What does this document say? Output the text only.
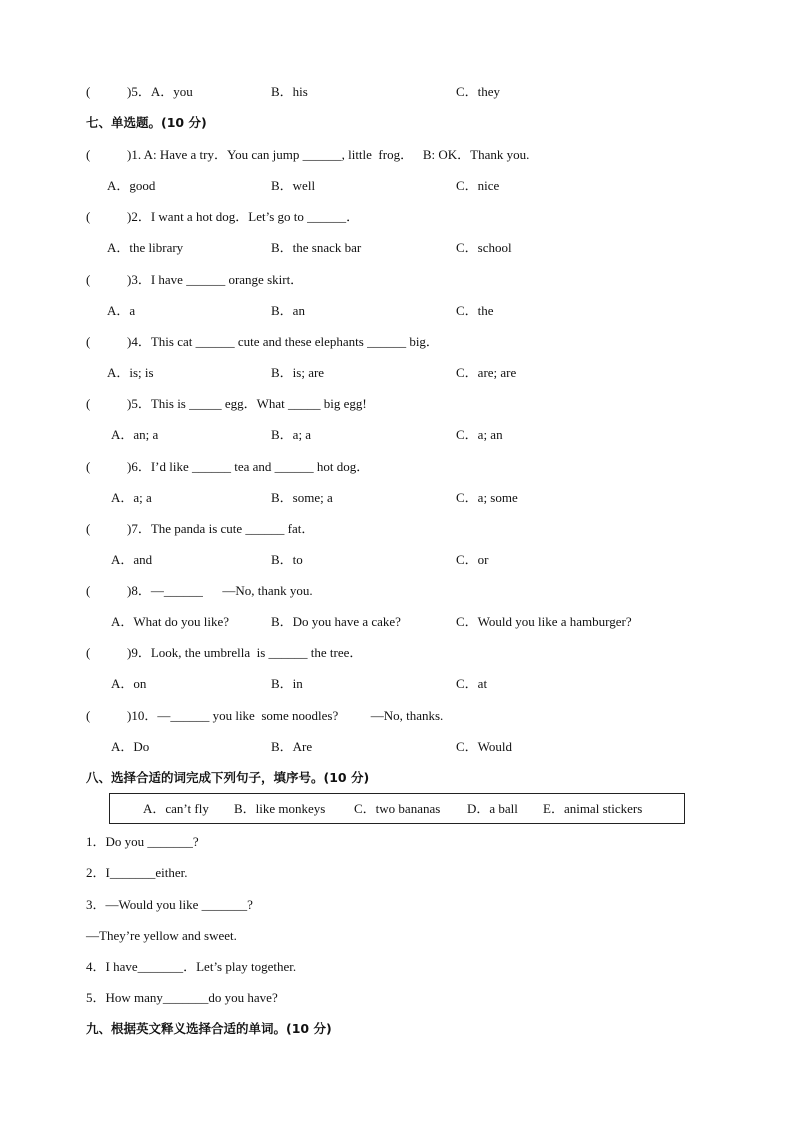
(	)5．A．you	B．his	C．they
七、单选题。(10 分)
(	)1. A: Have a try．You can jump ______, little  frog．   B: OK．Thank you.
A．good	B．well	C．nice
(	)2．I want a hot dog．Let’s go to ______．
A．the library	B．the snack bar	C．school
(	)3．I have ______ orange skirt．
A．a	B．an	C．the
(	)4．This cat ______ cute and these elephants ______ big．
A．is; is	B．is; are	C．are; are
(	)5．This is _____ egg．What _____ big egg!
A．an; a	B．a; a	C．a; an
(	)6．I’d like ______ tea and ______ hot dog．
A．a; a	B．some; a	C．a; some
(	)7．The panda is cute ______ fat．
A．and	B．to	C．or
(	)8．—______      —No, thank you.
A．What do you like?	B．Do you have a cake?	C．Would you like a hamburger?
(	)9．Look, the umbrella  is ______ the tree．
A．on	B．in	C．at
(	)10．—______ you like  some noodles?          —No, thanks.
A．Do	B．Are	C．Would
八、选择合适的词完成下列句子，填序号。(10 分)
A．can’t fly B．like monkeys C．two bananas D．a ball E．animal stickers
1．Do you _______?
2．I_______either.
3．—Would you like _______?
—They’re yellow and sweet.
4．I have_______．Let’s play together.
5．How many_______do you have?
九、根据英文释义选择合适的单词。(10 分)
